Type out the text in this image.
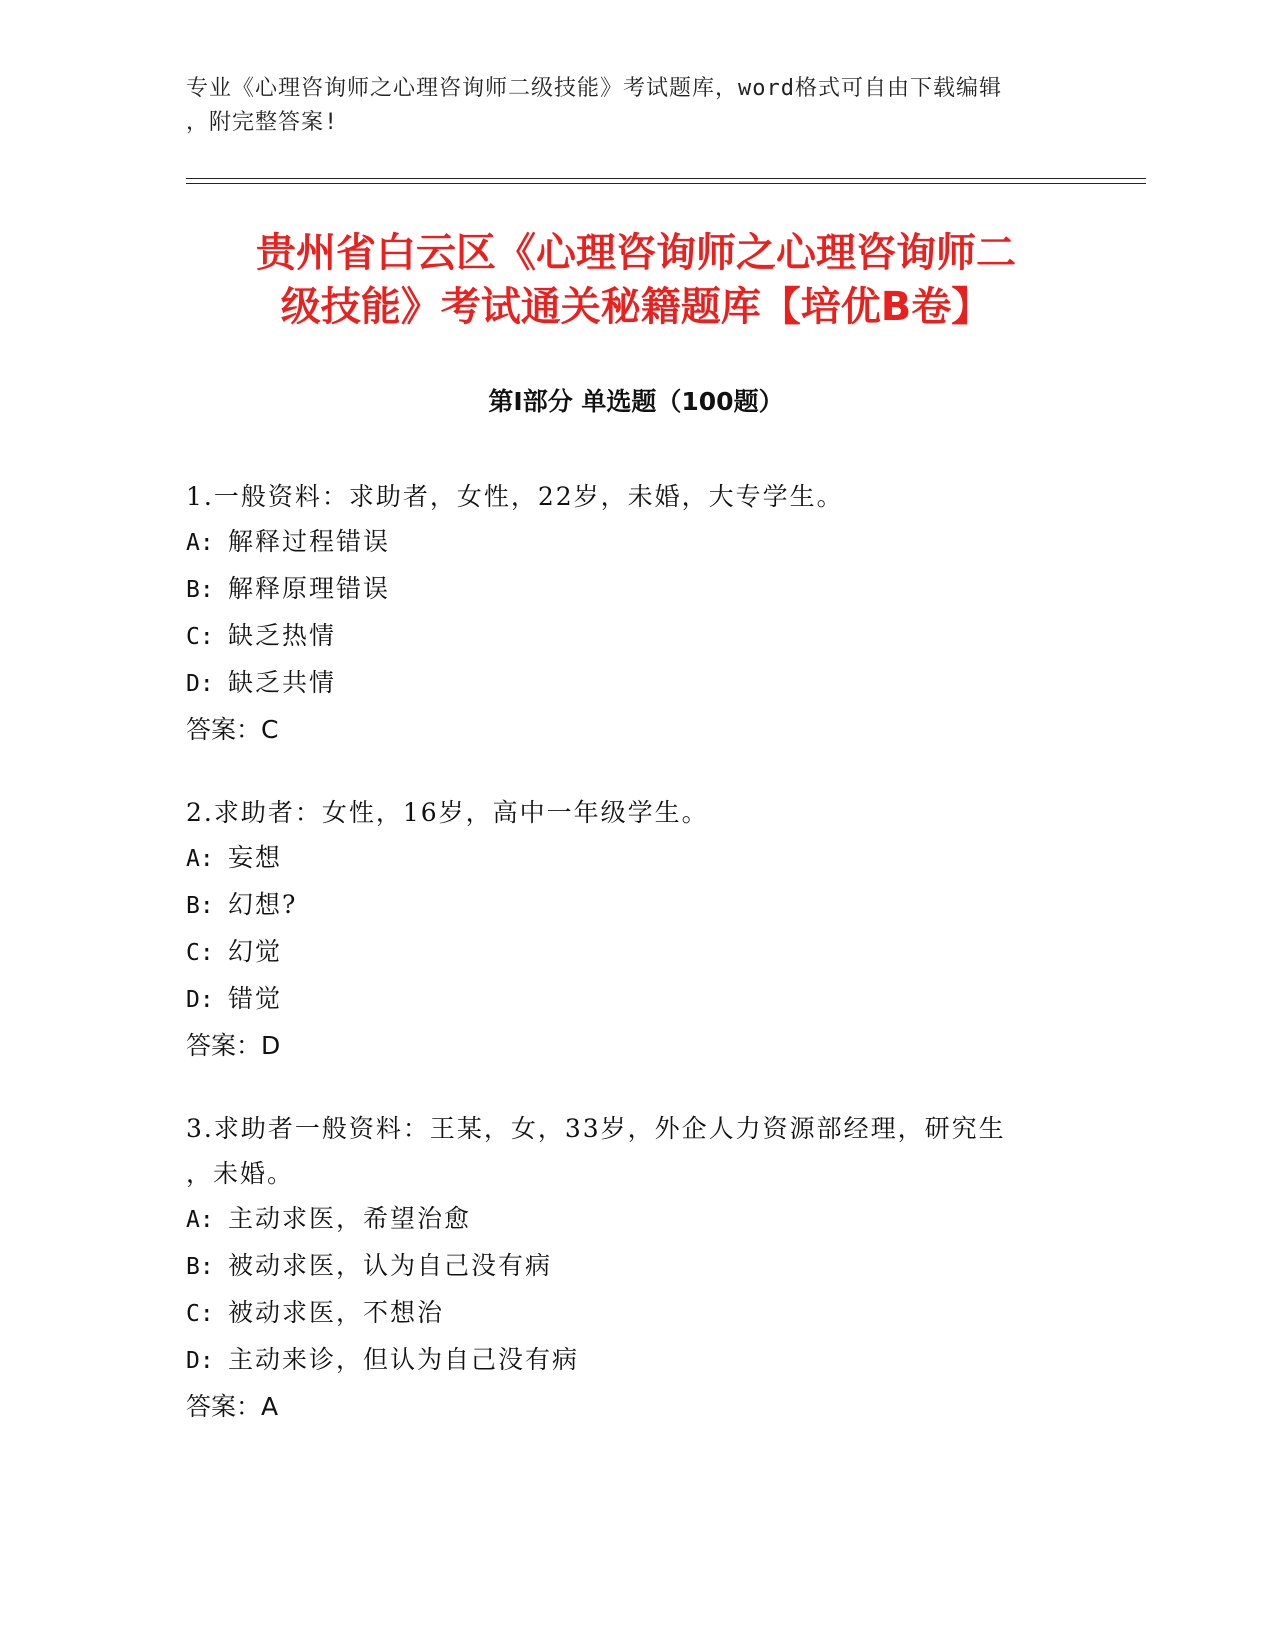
专业《心理咨询师之心理咨询师二级技能》考试题库，word格式可自由下载编辑
，附完整答案!
贵州省白云区《心理咨询师之心理咨询师二
级技能》考试通关秘籍题库【培优B卷】
第Ⅰ部分 单选题（100题）

1.一般资料：求助者，女性，22岁，未婚，大专学生。

A: 解释过程错误

B: 解释原理错误

C: 缺乏热情

D: 缺乏共情

答案：C

2.求助者：女性，16岁，高中一年级学生。

A: 妄想

B: 幻想?

C: 幻觉

D: 错觉

答案：D

3.求助者一般资料：王某，女，33岁，外企人力资源部经理，研究生

，未婚。

A: 主动求医，希望治愈

B: 被动求医，认为自己没有病

C: 被动求医，不想治

D: 主动来诊，但认为自己没有病

答案：A
